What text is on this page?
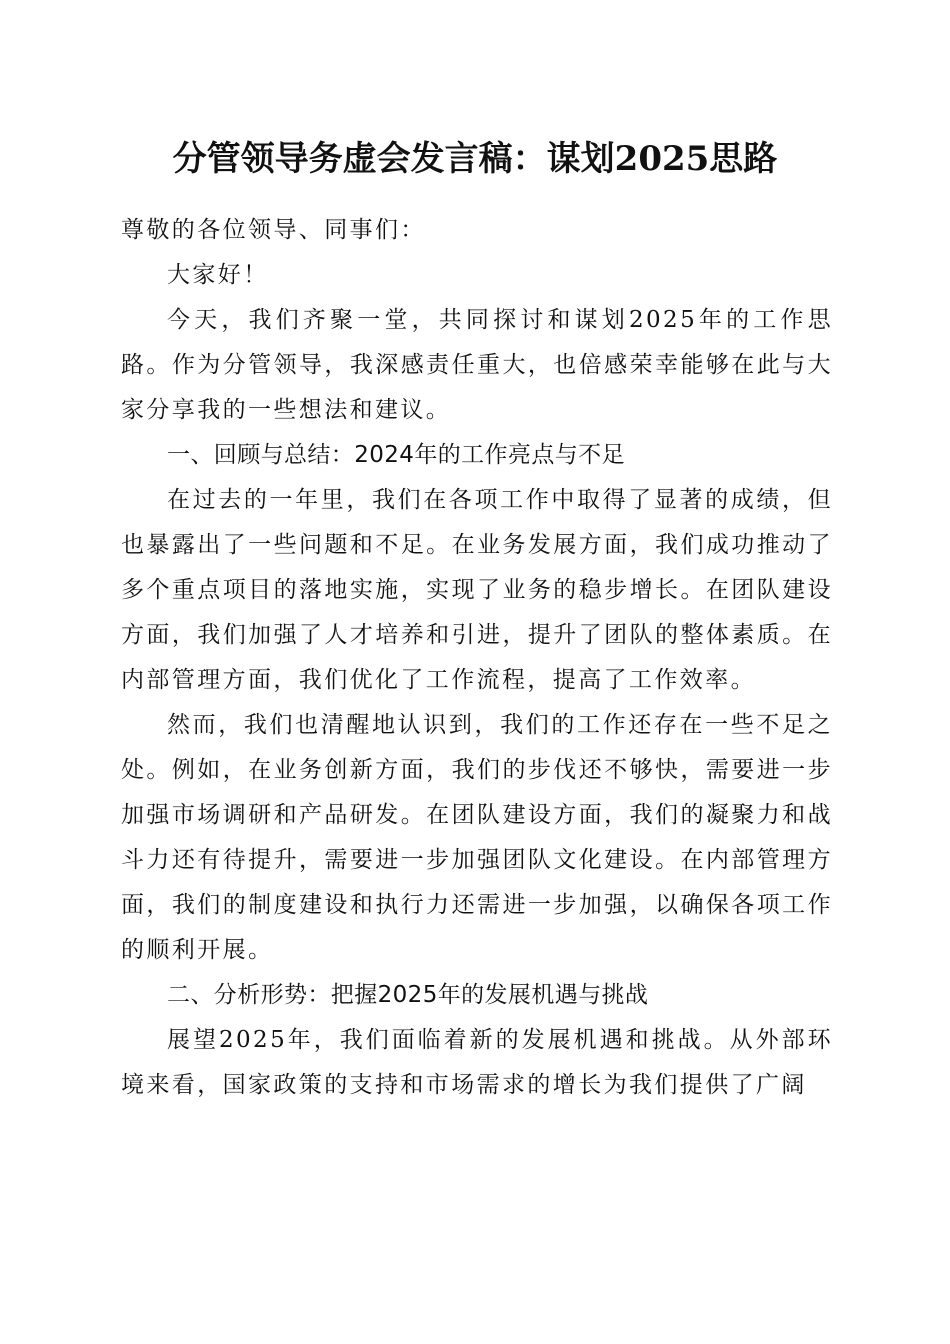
分管领导务虚会发言稿：谋划2025思路

尊敬的各位领导、同事们：

大家好！

今天，我们齐聚一堂，共同探讨和谋划2025年的工作思路。作为分管领导，我深感责任重大，也倍感荣幸能够在此与大家分享我的一些想法和建议。

一、回顾与总结：2024年的工作亮点与不足

在过去的一年里，我们在各项工作中取得了显著的成绩，但也暴露出了一些问题和不足。在业务发展方面，我们成功推动了多个重点项目的落地实施，实现了业务的稳步增长。在团队建设方面，我们加强了人才培养和引进，提升了团队的整体素质。在内部管理方面，我们优化了工作流程，提高了工作效率。

然而，我们也清醒地认识到，我们的工作还存在一些不足之处。例如，在业务创新方面，我们的步伐还不够快，需要进一步加强市场调研和产品研发。在团队建设方面，我们的凝聚力和战斗力还有待提升，需要进一步加强团队文化建设。在内部管理方面，我们的制度建设和执行力还需进一步加强，以确保各项工作的顺利开展。

二、分析形势：把握2025年的发展机遇与挑战

展望2025年，我们面临着新的发展机遇和挑战。从外部环境来看，国家政策的支持和市场需求的增长为我们提供了广阔
